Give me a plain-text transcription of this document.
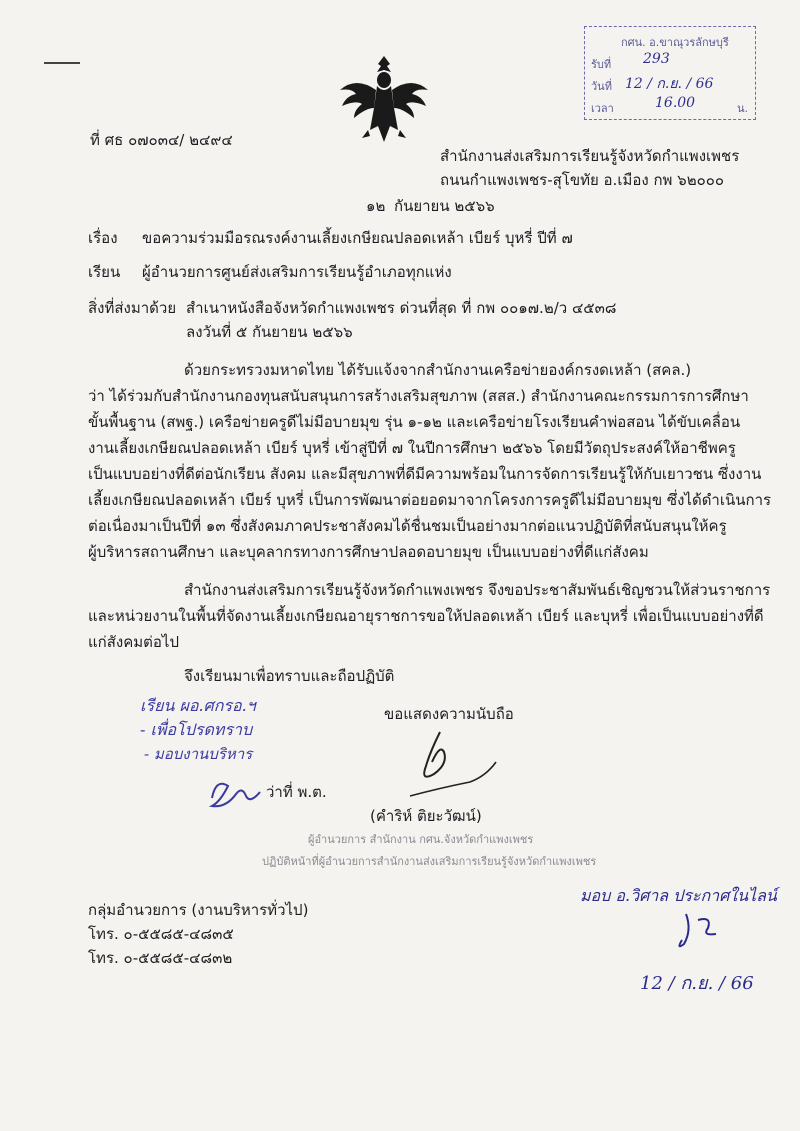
กศน. อ.ขาณุวรลักษบุรี
รับที่ 293
วันที่ 12 / ก.ย. / 66
เวลา	16.00	น.
ที่ ศธ ๐๗๐๓๔/ ๒๔๙๔
สำนักงานส่งเสริมการเรียนรู้จังหวัดกำแพงเพชร
ถนนกำแพงเพชร-สุโขทัย อ.เมือง กพ ๖๒๐๐๐
๑๒ กันยายน ๒๕๖๖
เรื่อง ขอความร่วมมือรณรงค์งานเลี้ยงเกษียณปลอดเหล้า เบียร์ บุหรี่ ปีที่ ๗
เรียน ผู้อำนวยการศูนย์ส่งเสริมการเรียนรู้อำเภอทุกแห่ง
สิ่งที่ส่งมาด้วย สำเนาหนังสือจังหวัดกำแพงเพชร ด่วนที่สุด ที่ กพ ๐๐๑๗.๒/ว ๔๕๓๘
ลงวันที่ ๕ กันยายน ๒๕๖๖
ด้วยกระทรวงมหาดไทย ได้รับแจ้งจากสำนักงานเครือข่ายองค์กรงดเหล้า (สคล.)
ว่า ได้ร่วมกับสำนักงานกองทุนสนับสนุนการสร้างเสริมสุขภาพ (สสส.) สำนักงานคณะกรรมการการศึกษา
ขั้นพื้นฐาน (สพฐ.) เครือข่ายครูดีไม่มีอบายมุข รุ่น ๑-๑๒ และเครือข่ายโรงเรียนคำพ่อสอน ได้ขับเคลื่อน
งานเลี้ยงเกษียณปลอดเหล้า เบียร์ บุหรี่ เข้าสู่ปีที่ ๗ ในปีการศึกษา ๒๕๖๖ โดยมีวัตถุประสงค์ให้อาชีพครู
เป็นแบบอย่างที่ดีต่อนักเรียน สังคม และมีสุขภาพที่ดีมีความพร้อมในการจัดการเรียนรู้ให้กับเยาวชน ซึ่งงาน
เลี้ยงเกษียณปลอดเหล้า เบียร์ บุหรี่ เป็นการพัฒนาต่อยอดมาจากโครงการครูดีไม่มีอบายมุข ซึ่งได้ดำเนินการ
ต่อเนื่องมาเป็นปีที่ ๑๓ ซึ่งสังคมภาคประชาสังคมได้ชื่นชมเป็นอย่างมากต่อแนวปฏิบัติที่สนับสนุนให้ครู
ผู้บริหารสถานศึกษา และบุคลากรทางการศึกษาปลอดอบายมุข เป็นแบบอย่างที่ดีแก่สังคม
สำนักงานส่งเสริมการเรียนรู้จังหวัดกำแพงเพชร จึงขอประชาสัมพันธ์เชิญชวนให้ส่วนราชการ
และหน่วยงานในพื้นที่จัดงานเลี้ยงเกษียณอายุราชการขอให้ปลอดเหล้า เบียร์ และบุหรี่ เพื่อเป็นแบบอย่างที่ดี
แก่สังคมต่อไป
จึงเรียนมาเพื่อทราบและถือปฏิบัติ
ขอแสดงความนับถือ
เรียน ผอ.ศกรอ.ฯ
- เพื่อโปรดทราบ
- มอบงานบริหาร
ว่าที่ พ.ต.
(คำริห์ ติยะวัฒน์)
ผู้อำนวยการ สำนักงาน กศน.จังหวัดกำแพงเพชร
ปฏิบัติหน้าที่ผู้อำนวยการสำนักงานส่งเสริมการเรียนรู้จังหวัดกำแพงเพชร
กลุ่มอำนวยการ (งานบริหารทั่วไป)
โทร. ๐-๕๕๘๕-๔๘๓๕
โทร. ๐-๕๕๘๕-๔๘๓๒
มอบ อ.วิศาล ประกาศในไลน์
12 / ก.ย. / 66
